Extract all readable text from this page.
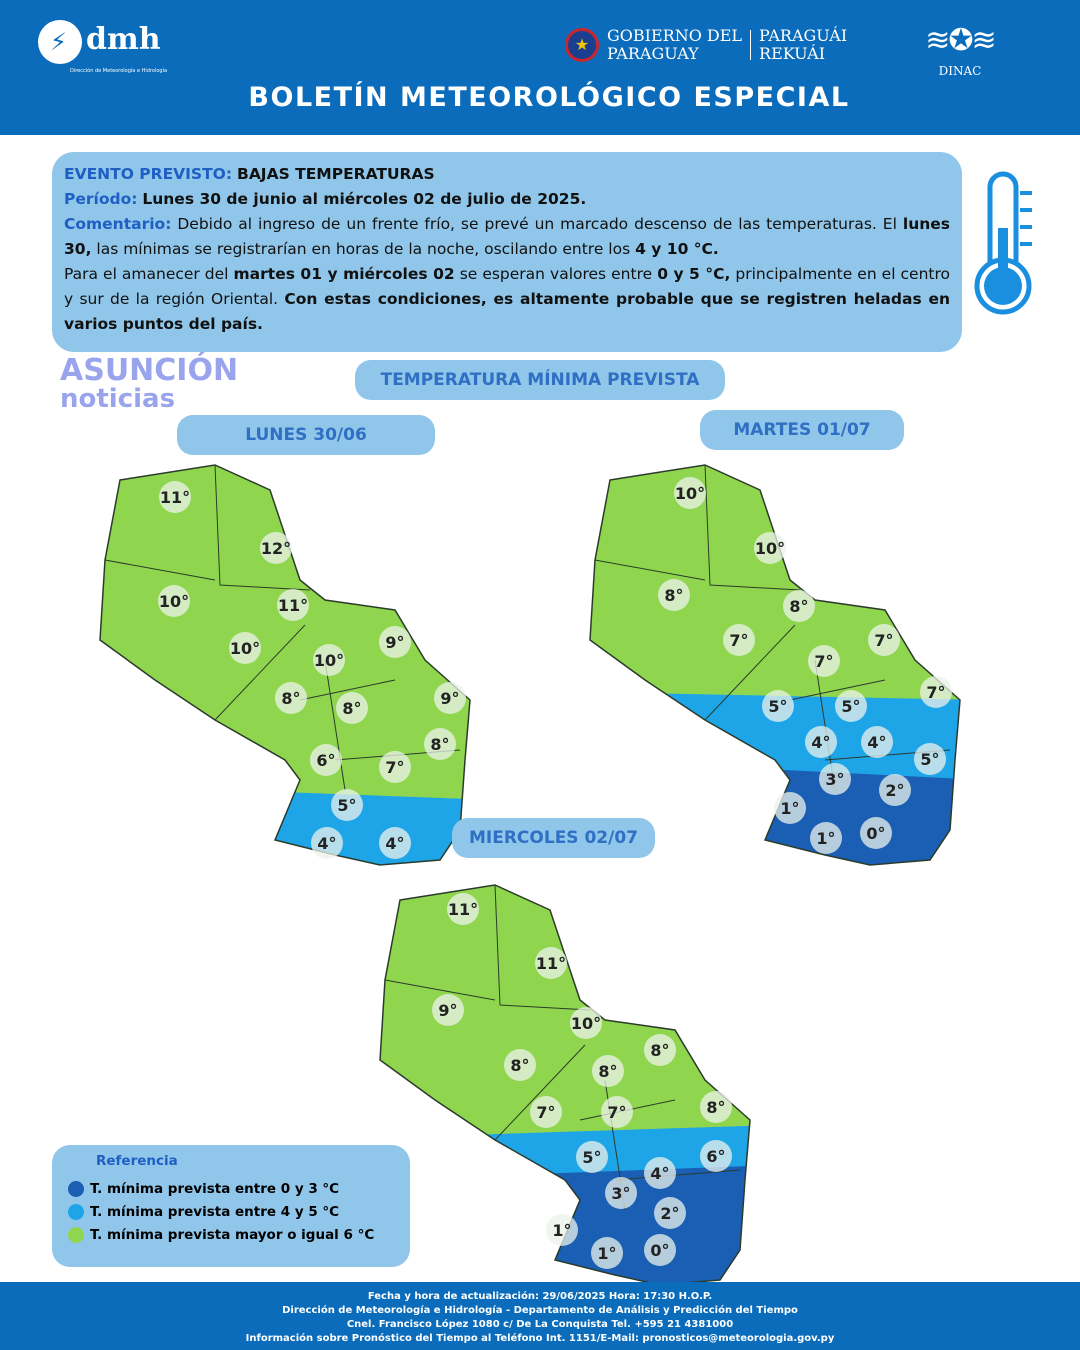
⚡
dmh
Dirección de Meteorología e Hidrología
★	GOBIERNO DEL
PARAGUAY
PARAGUÁI
REKUÁI	≋✪≋
DINAC
BOLETÍN METEOROLÓGICO ESPECIAL
EVENTO PREVISTO: BAJAS TEMPERATURAS
Período: Lunes 30 de junio al miércoles 02 de julio de 2025.
Comentario: Debido al ingreso de un frente frío, se prevé un marcado descenso de las temperaturas. El lunes 30, las mínimas se registrarían en horas de la noche, oscilando entre los 4 y 10 °C.
Para el amanecer del martes 01 y miércoles 02 se esperan valores entre 0 y 5 °C, principalmente en el centro y sur de la región Oriental. Con estas condiciones, es altamente probable que se registren heladas en varios puntos del país.
ASUNCIÓN
noticias
TEMPERATURA MÍNIMA PREVISTA
11°
12°
10°	11°
10°
10°
9°
8°
8°
9°
6°	7°
8°
5°
4°	4°
10°
10°
8°
8°
7°	7°
7°
7°
5°	5°
4° 4°
5°
3°
2°
1°
1° 0°
11°
11°
9°
10°
8°
8°	8°
7°	7°	8°
6°
5°
4°
3°
2°
1°
1° 0°
LUNES 30/06	MARTES 01/07
MIERCOLES 02/07
Referencia
T. mínima prevista entre 0 y 3 °C
T. mínima prevista entre 4 y 5 °C
T. mínima prevista mayor o igual 6 °C
Fecha y hora de actualización: 29/06/2025 Hora: 17:30 H.O.P.
Dirección de Meteorología e Hidrología - Departamento de Análisis y Predicción del Tiempo
Cnel. Francisco López 1080 c/ De La Conquista Tel. +595 21 4381000
Información sobre Pronóstico del Tiempo al Teléfono Int. 1151/E-Mail: pronosticos@meteorologia.gov.py
